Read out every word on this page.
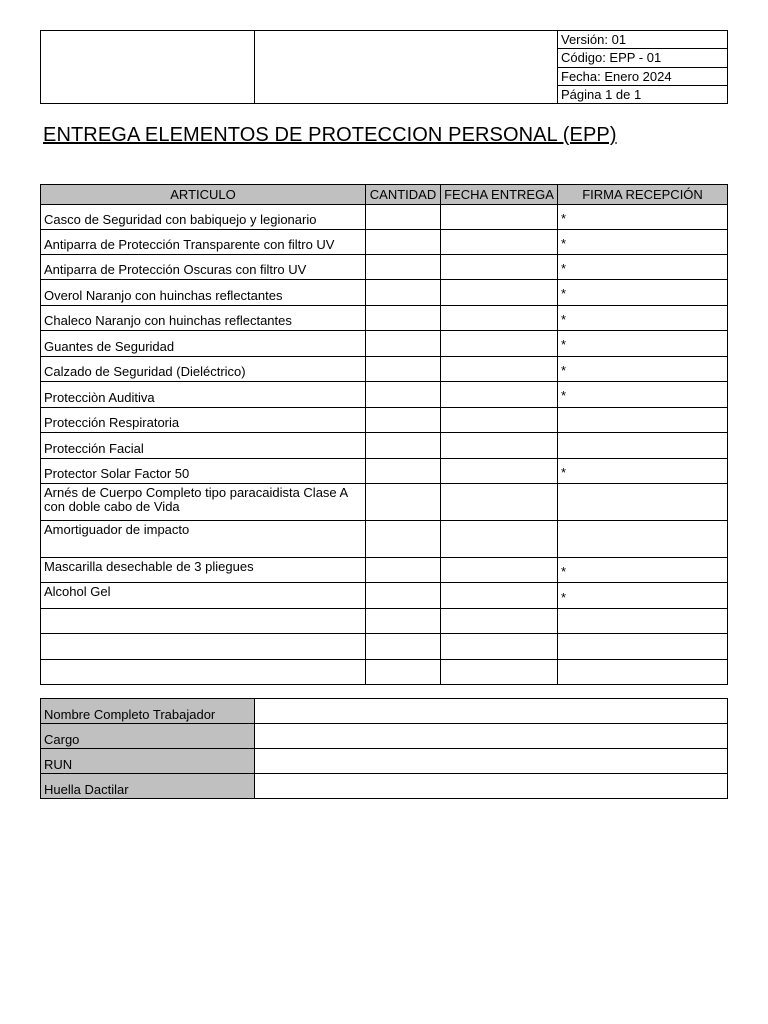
		Versión: 01
Código: EPP - 01
Fecha: Enero 2024
Página 1 de 1
ENTREGA ELEMENTOS DE PROTECCION PERSONAL (EPP)
ARTICULO	CANTIDAD	FECHA ENTREGA	FIRMA RECEPCIÓN
Casco de Seguridad con babiquejo y legionario			*
Antiparra de Protección Transparente con filtro UV			*
Antiparra de Protección Oscuras con filtro UV			*
Overol Naranjo con huinchas reflectantes			*
Chaleco Naranjo con huinchas reflectantes			*
Guantes de Seguridad			*
Calzado de Seguridad (Dieléctrico)			*
Protecciòn Auditiva			*
Protección Respiratoria			
Protección Facial			
Protector Solar Factor 50			*
Arnés de Cuerpo Completo tipo paracaidista Clase A con doble cabo de Vida			
Amortiguador de impacto			
Mascarilla desechable de 3 pliegues			*
Alcohol Gel			*

Nombre Completo Trabajador	
Cargo	
RUN	
Huella Dactilar	
